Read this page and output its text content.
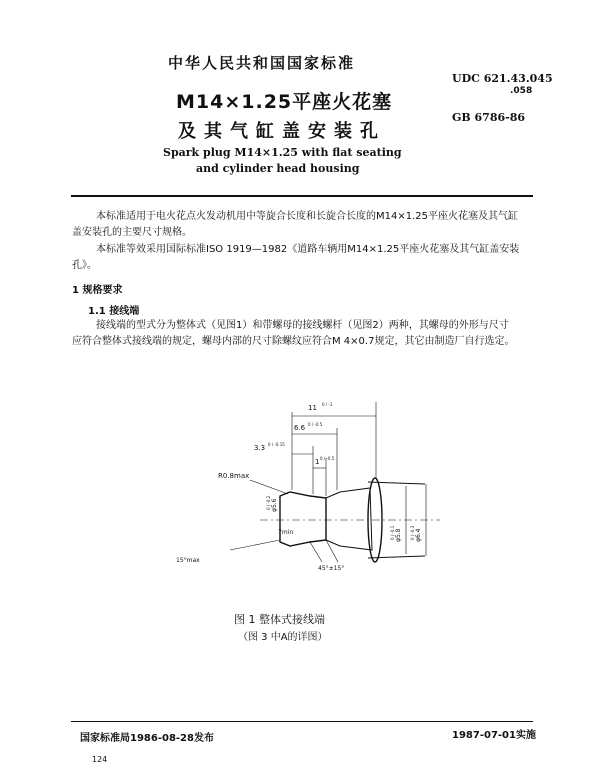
中华人民共和国国家标准
M14×1.25平座火花塞
及其气缸盖安装孔
Spark plug M14×1.25 with flat seating
and cylinder head housing
UDC 621.43.045
.058
GB 6786-86
本标准适用于电火花点火发动机用中等旋合长度和长旋合长度的M14×1.25平座火花塞及其气缸
盖安装孔的主要尺寸规格。
本标准等效采用国际标准ISO 1919—1982《道路车辆用M14×1.25平座火花塞及其气缸盖安装
孔》。
1 规格要求
1.1 接线端
接线端的型式分为整体式（见图1）和带螺母的接线螺杆（见图2）两种，其螺母的外形与尺寸
应符合整体式接线端的规定，螺母内部的尺寸除螺纹应符合M 4×0.7规定，其它由制造厂自行选定。
11 0 / -1
6.6 0 / -0.5
3.3 0 / -0.15
1 0 / -0.5
R0.8max
7min
φ5.6
0 / -0.2
φ5.8
0 / -0.1	φ6.4
0 / -0.3
15°max
45°±15°
图 1 整体式接线端
（图 3 中A的详图）
国家标准局1986-08-28发布	1987-07-01实施
124
